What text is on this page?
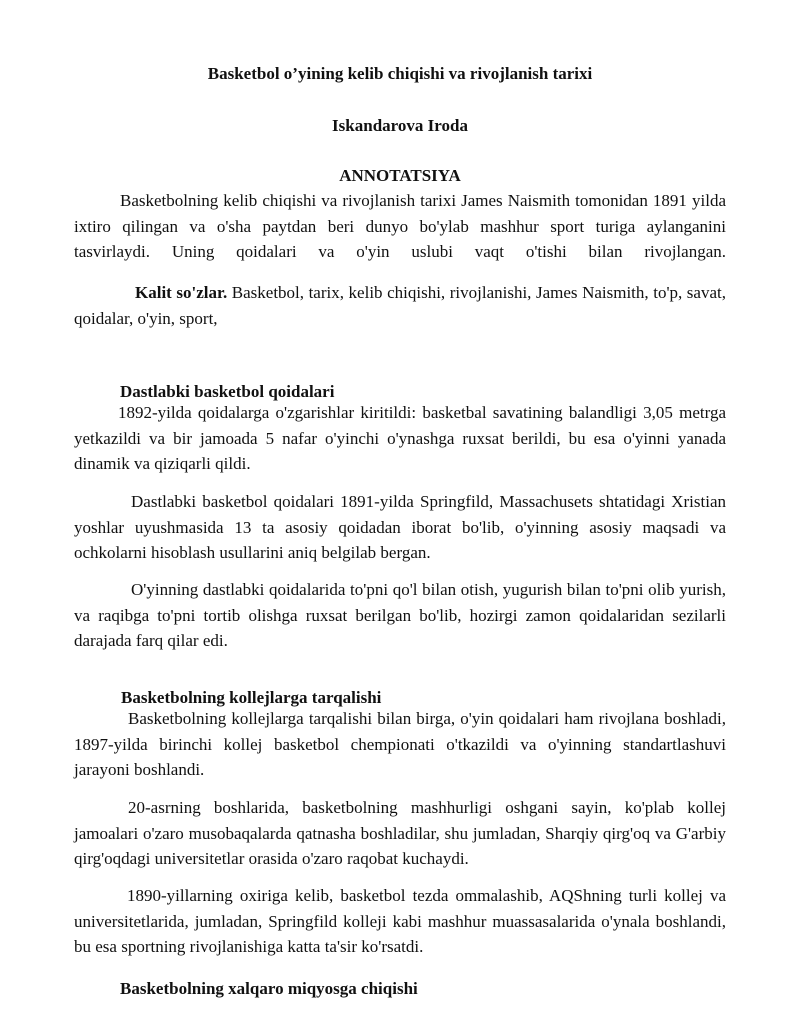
Basketbol o’yining kelib chiqishi va rivojlanish tarixi
Iskandarova Iroda
ANNOTATSIYA

Basketbolning kelib chiqishi va rivojlanish tarixi James Naismith tomonidan 1891 yilda ixtiro qilingan va o'sha paytdan beri dunyo bo'ylab mashhur sport turiga aylanganini tasvirlaydi. Uning qoidalari va o'yin uslubi vaqt o'tishi bilan rivojlangan.

Kalit so'zlar. Basketbol, tarix, kelib chiqishi, rivojlanishi, James Naismith, to'p, savat, qoidalar, o'yin, sport,

Dastlabki basketbol qoidalari

1892-yilda qoidalarga o'zgarishlar kiritildi: basketbal savatining balandligi 3,05 metrga yetkazildi va bir jamoada 5 nafar o'yinchi o'ynashga ruxsat berildi, bu esa o'yinni yanada dinamik va qiziqarli qildi.

Dastlabki basketbol qoidalari 1891-yilda Springfild, Massachusets shtatidagi Xristian yoshlar uyushmasida 13 ta asosiy qoidadan iborat bo'lib, o'yinning asosiy maqsadi va ochkolarni hisoblash usullarini aniq belgilab bergan.

O'yinning dastlabki qoidalarida to'pni qo'l bilan otish, yugurish bilan to'pni olib yurish, va raqibga to'pni tortib olishga ruxsat berilgan bo'lib, hozirgi zamon qoidalaridan sezilarli darajada farq qilar edi.

Basketbolning kollejlarga tarqalishi

Basketbolning kollejlarga tarqalishi bilan birga, o'yin qoidalari ham rivojlana boshladi, 1897-yilda birinchi kollej basketbol chempionati o'tkazildi va o'yinning standartlashuvi jarayoni boshlandi.

20-asrning boshlarida, basketbolning mashhurligi oshgani sayin, ko'plab kollej jamoalari o'zaro musobaqalarda qatnasha boshladilar, shu jumladan, Sharqiy qirg'oq va G'arbiy qirg'oqdagi universitetlar orasida o'zaro raqobat kuchaydi.

1890-yillarning oxiriga kelib, basketbol tezda ommalashib, AQShning turli kollej va universitetlarida, jumladan, Springfild kolleji kabi mashhur muassasalarida o'ynala boshlandi, bu esa sportning rivojlanishiga katta ta'sir ko'rsatdi.

Basketbolning xalqaro miqyosga chiqishi
